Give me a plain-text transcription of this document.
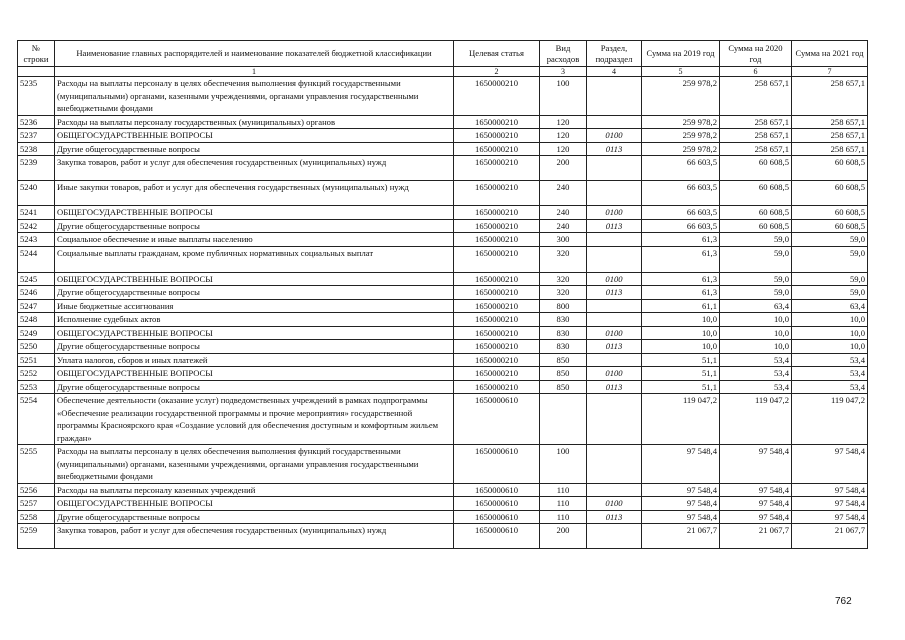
№ строки	Наименование главных распорядителей и наименование показателей бюджетной классификации	Целевая статья	Вид расходов	Раздел, подраздел	Сумма на 2019 год	Сумма на 2020 год	Сумма на 2021 год
	1	2	3	4	5	6	7
5235	Расходы на выплаты персоналу в целях обеспечения выполнения функций государственными (муниципальными) органами, казенными учреждениями, органами управления государственными внебюджетными фондами	1650000210	100		259 978,2	258 657,1	258 657,1
5236	Расходы на выплаты персоналу государственных (муниципальных) органов	1650000210	120		259 978,2	258 657,1	258 657,1
5237	ОБЩЕГОСУДАРСТВЕННЫЕ ВОПРОСЫ	1650000210	120	0100	259 978,2	258 657,1	258 657,1
5238	Другие общегосударственные вопросы	1650000210	120	0113	259 978,2	258 657,1	258 657,1
5239	Закупка товаров, работ и услуг для обеспечения государственных (муниципальных) нужд	1650000210	200		66 603,5	60 608,5	60 608,5
5240	Иные закупки товаров, работ и услуг для обеспечения государственных (муниципальных) нужд	1650000210	240		66 603,5	60 608,5	60 608,5
5241	ОБЩЕГОСУДАРСТВЕННЫЕ ВОПРОСЫ	1650000210	240	0100	66 603,5	60 608,5	60 608,5
5242	Другие общегосударственные вопросы	1650000210	240	0113	66 603,5	60 608,5	60 608,5
5243	Социальное обеспечение и иные выплаты населению	1650000210	300		61,3	59,0	59,0
5244	Социальные выплаты гражданам, кроме публичных нормативных социальных выплат	1650000210	320		61,3	59,0	59,0
5245	ОБЩЕГОСУДАРСТВЕННЫЕ ВОПРОСЫ	1650000210	320	0100	61,3	59,0	59,0
5246	Другие общегосударственные вопросы	1650000210	320	0113	61,3	59,0	59,0
5247	Иные бюджетные ассигнования	1650000210	800		61,1	63,4	63,4
5248	Исполнение судебных актов	1650000210	830		10,0	10,0	10,0
5249	ОБЩЕГОСУДАРСТВЕННЫЕ ВОПРОСЫ	1650000210	830	0100	10,0	10,0	10,0
5250	Другие общегосударственные вопросы	1650000210	830	0113	10,0	10,0	10,0
5251	Уплата налогов, сборов и иных платежей	1650000210	850		51,1	53,4	53,4
5252	ОБЩЕГОСУДАРСТВЕННЫЕ ВОПРОСЫ	1650000210	850	0100	51,1	53,4	53,4
5253	Другие общегосударственные вопросы	1650000210	850	0113	51,1	53,4	53,4
5254	Обеспечение деятельности (оказание услуг) подведомственных учреждений в рамках подпрограммы «Обеспечение реализации государственной программы и прочие мероприятия» государственной программы Красноярского края «Создание условий для обеспечения доступным и комфортным жильем граждан»	1650000610			119 047,2	119 047,2	119 047,2
5255	Расходы на выплаты персоналу в целях обеспечения выполнения функций государственными (муниципальными) органами, казенными учреждениями, органами управления государственными внебюджетными фондами	1650000610	100		97 548,4	97 548,4	97 548,4
5256	Расходы на выплаты персоналу казенных учреждений	1650000610	110		97 548,4	97 548,4	97 548,4
5257	ОБЩЕГОСУДАРСТВЕННЫЕ ВОПРОСЫ	1650000610	110	0100	97 548,4	97 548,4	97 548,4
5258	Другие общегосударственные вопросы	1650000610	110	0113	97 548,4	97 548,4	97 548,4
5259	Закупка товаров, работ и услуг для обеспечения государственных (муниципальных) нужд	1650000610	200		21 067,7	21 067,7	21 067,7
762
